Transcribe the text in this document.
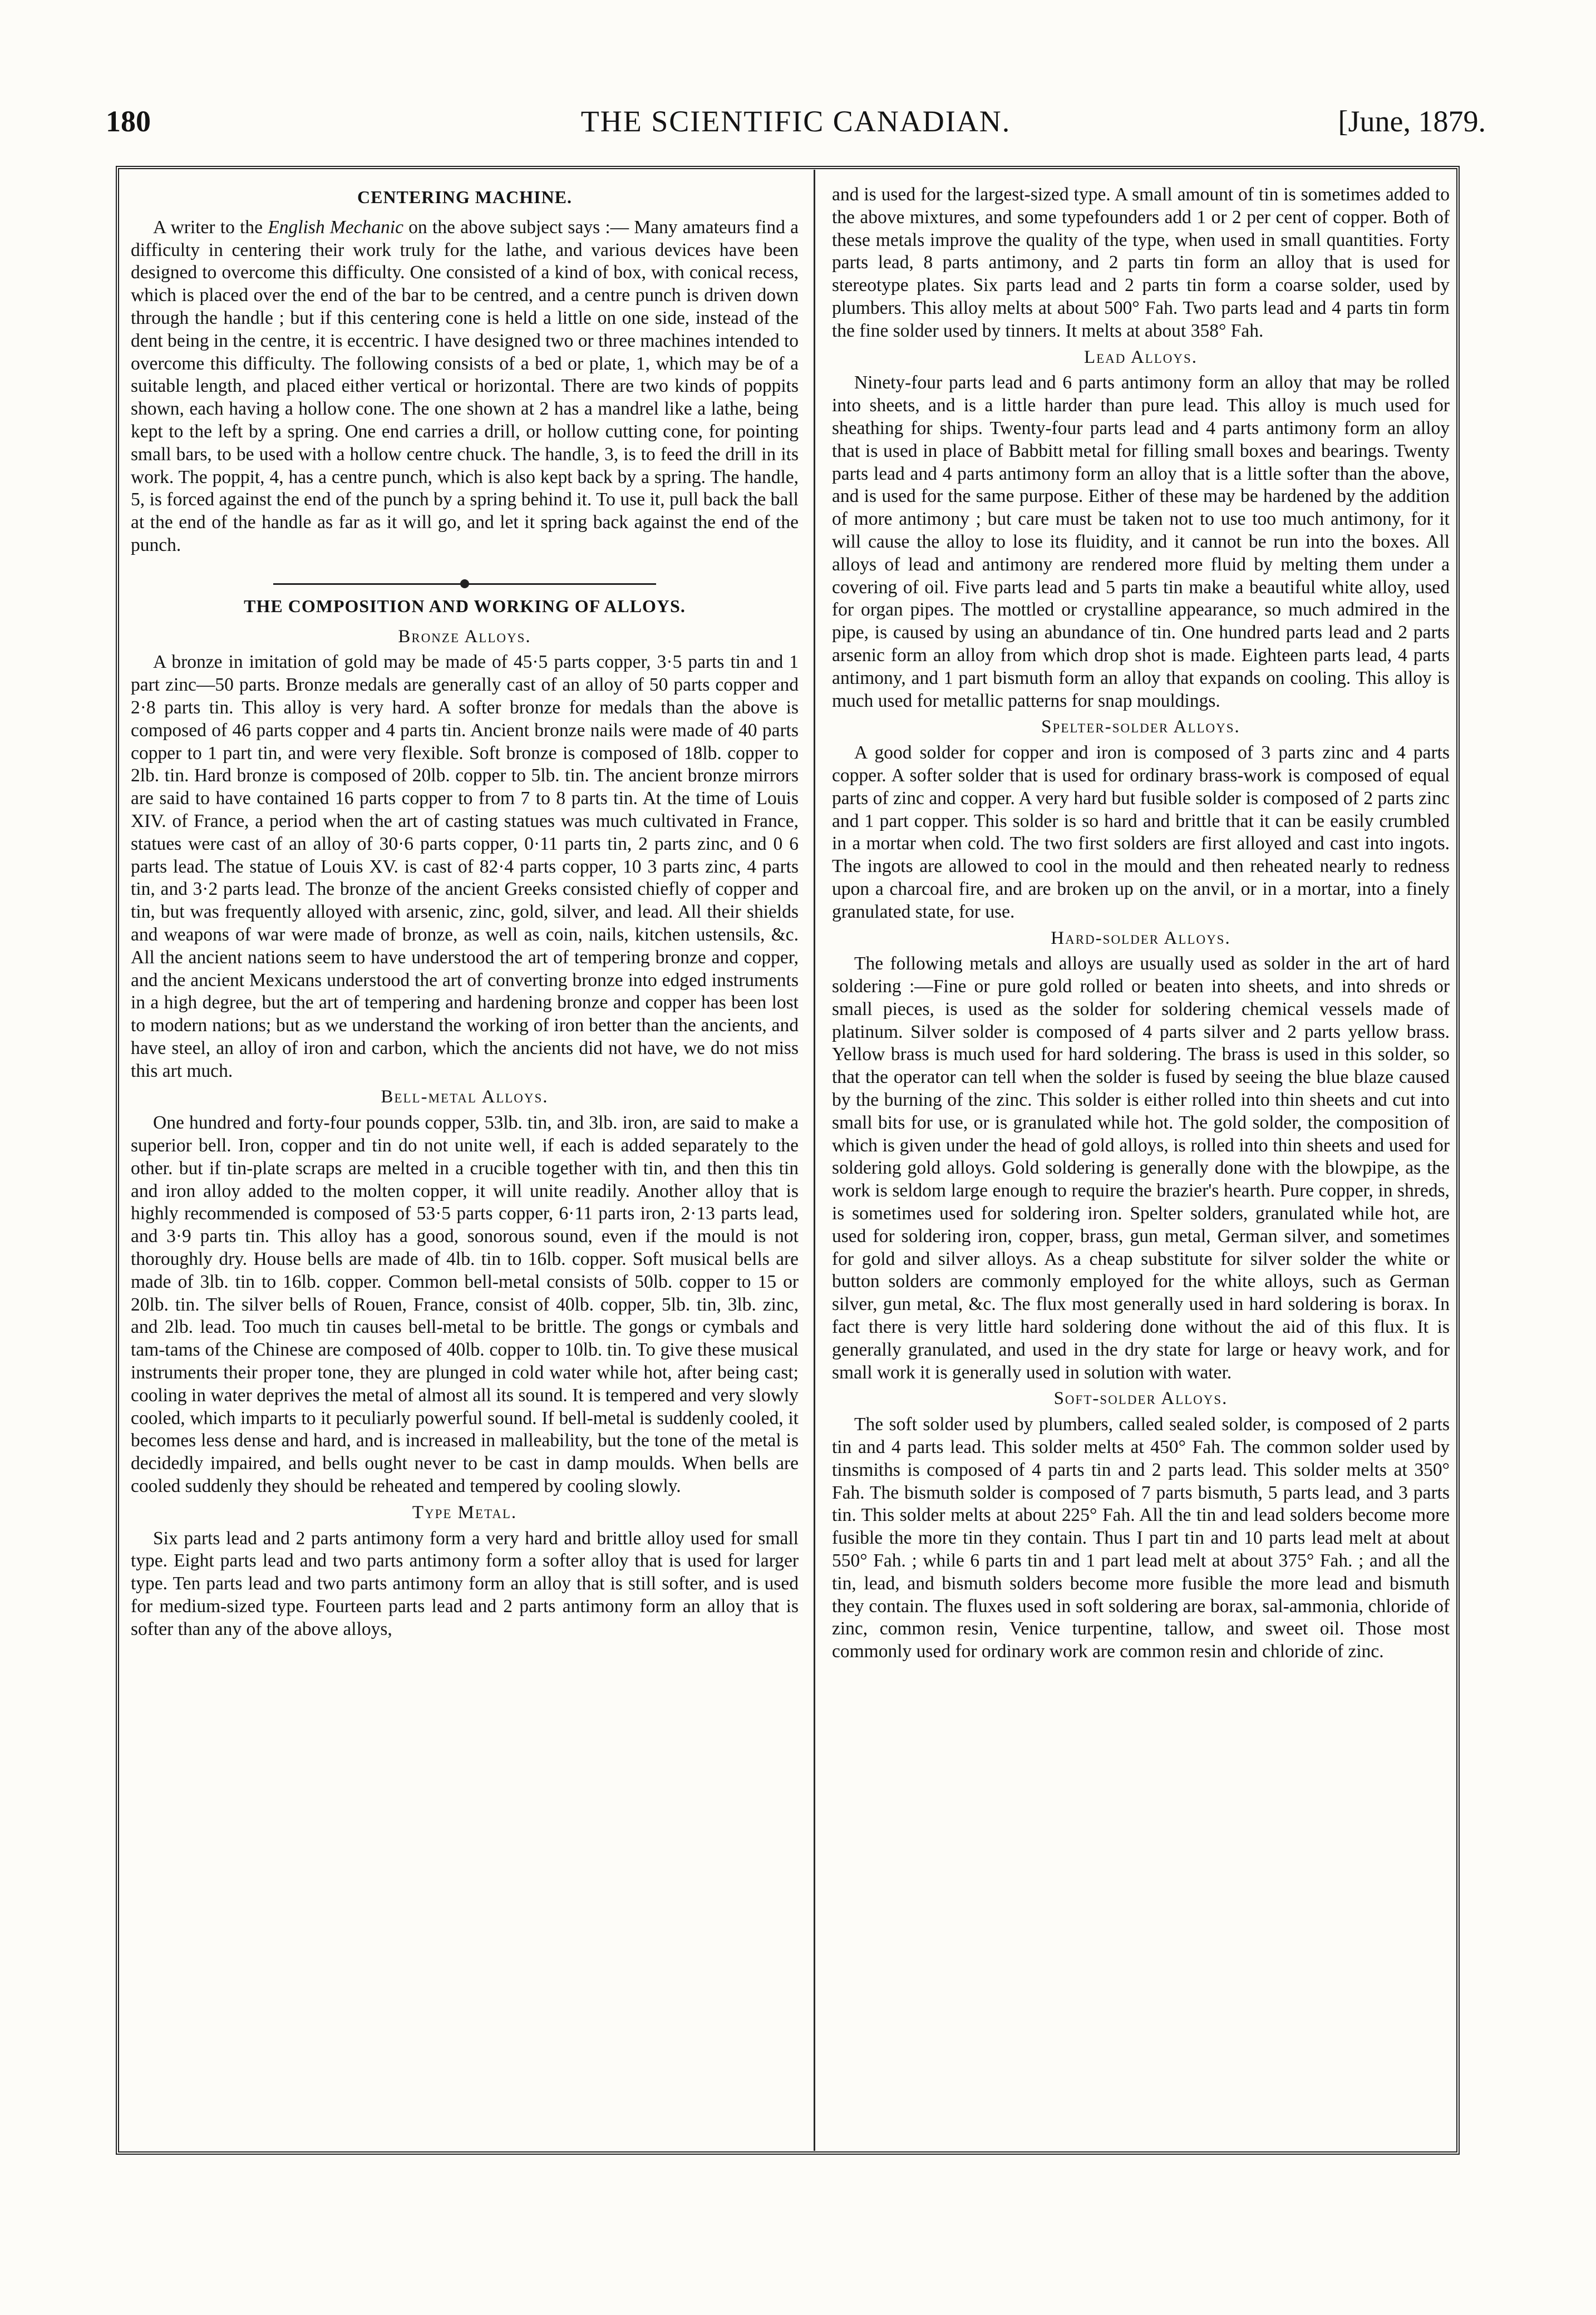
180	THE SCIENTIFIC CANADIAN.	[June, 1879.
CENTERING MACHINE.

A writer to the English Mechanic on the above subject says :— Many amateurs find a difficulty in centering their work truly for the lathe, and various devices have been designed to overcome this difficulty. One consisted of a kind of box, with conical recess, which is placed over the end of the bar to be centred, and a centre punch is driven down through the handle ; but if this centering cone is held a little on one side, instead of the dent being in the centre, it is eccentric. I have designed two or three machines intended to overcome this difficulty. The following consists of a bed or plate, 1, which may be of a suitable length, and placed either vertical or horizontal. There are two kinds of poppits shown, each having a hollow cone. The one shown at 2 has a mandrel like a lathe, being kept to the left by a spring. One end carries a drill, or hollow cutting cone, for pointing small bars, to be used with a hollow centre chuck. The handle, 3, is to feed the drill in its work. The poppit, 4, has a centre punch, which is also kept back by a spring. The handle, 5, is forced against the end of the punch by a spring behind it. To use it, pull back the ball at the end of the handle as far as it will go, and let it spring back against the end of the punch.

THE COMPOSITION AND WORKING OF ALLOYS.
Bronze Alloys.

A bronze in imitation of gold may be made of 45·5 parts copper, 3·5 parts tin and 1 part zinc—50 parts. Bronze medals are generally cast of an alloy of 50 parts copper and 2·8 parts tin. This alloy is very hard. A softer bronze for medals than the above is composed of 46 parts copper and 4 parts tin. Ancient bronze nails were made of 40 parts copper to 1 part tin, and were very flexible. Soft bronze is composed of 18lb. copper to 2lb. tin. Hard bronze is composed of 20lb. copper to 5lb. tin. The ancient bronze mirrors are said to have contained 16 parts copper to from 7 to 8 parts tin. At the time of Louis XIV. of France, a period when the art of casting statues was much cultivated in France, statues were cast of an alloy of 30·6 parts copper, 0·11 parts tin, 2 parts zinc, and 0 6 parts lead. The statue of Louis XV. is cast of 82·4 parts copper, 10 3 parts zinc, 4 parts tin, and 3·2 parts lead. The bronze of the ancient Greeks consisted chiefly of copper and tin, but was frequently alloyed with arsenic, zinc, gold, silver, and lead. All their shields and weapons of war were made of bronze, as well as coin, nails, kitchen ustensils, &c. All the ancient nations seem to have understood the art of tempering bronze and copper, and the ancient Mexicans understood the art of converting bronze into edged instruments in a high degree, but the art of tempering and hardening bronze and copper has been lost to modern nations; but as we understand the working of iron better than the ancients, and have steel, an alloy of iron and carbon, which the ancients did not have, we do not miss this art much.

Bell-metal Alloys.

One hundred and forty-four pounds copper, 53lb. tin, and 3lb. iron, are said to make a superior bell. Iron, copper and tin do not unite well, if each is added separately to the other. but if tin-plate scraps are melted in a crucible together with tin, and then this tin and iron alloy added to the molten copper, it will unite readily. Another alloy that is highly recommended is composed of 53·5 parts copper, 6·11 parts iron, 2·13 parts lead, and 3·9 parts tin. This alloy has a good, sonorous sound, even if the mould is not thoroughly dry. House bells are made of 4lb. tin to 16lb. copper. Soft musical bells are made of 3lb. tin to 16lb. copper. Common bell-metal consists of 50lb. copper to 15 or 20lb. tin. The silver bells of Rouen, France, consist of 40lb. copper, 5lb. tin, 3lb. zinc, and 2lb. lead. Too much tin causes bell-metal to be brittle. The gongs or cymbals and tam-tams of the Chinese are composed of 40lb. copper to 10lb. tin. To give these musical instruments their proper tone, they are plunged in cold water while hot, after being cast; cooling in water deprives the metal of almost all its sound. It is tempered and very slowly cooled, which imparts to it peculiarly powerful sound. If bell-metal is suddenly cooled, it becomes less dense and hard, and is increased in malleability, but the tone of the metal is decidedly impaired, and bells ought never to be cast in damp moulds. When bells are cooled suddenly they should be reheated and tempered by cooling slowly.

Type Metal.

Six parts lead and 2 parts antimony form a very hard and brittle alloy used for small type. Eight parts lead and two parts antimony form a softer alloy that is used for larger type. Ten parts lead and two parts antimony form an alloy that is still softer, and is used for medium-sized type. Fourteen parts lead and 2 parts antimony form an alloy that is softer than any of the above alloys,

and is used for the largest-sized type. A small amount of tin is sometimes added to the above mixtures, and some typefounders add 1 or 2 per cent of copper. Both of these metals improve the quality of the type, when used in small quantities. Forty parts lead, 8 parts antimony, and 2 parts tin form an alloy that is used for stereotype plates. Six parts lead and 2 parts tin form a coarse solder, used by plumbers. This alloy melts at about 500° Fah. Two parts lead and 4 parts tin form the fine solder used by tinners. It melts at about 358° Fah.

Lead Alloys.

Ninety-four parts lead and 6 parts antimony form an alloy that may be rolled into sheets, and is a little harder than pure lead. This alloy is much used for sheathing for ships. Twenty-four parts lead and 4 parts antimony form an alloy that is used in place of Babbitt metal for filling small boxes and bearings. Twenty parts lead and 4 parts antimony form an alloy that is a little softer than the above, and is used for the same purpose. Either of these may be hardened by the addition of more antimony ; but care must be taken not to use too much antimony, for it will cause the alloy to lose its fluidity, and it cannot be run into the boxes. All alloys of lead and antimony are rendered more fluid by melting them under a covering of oil. Five parts lead and 5 parts tin make a beautiful white alloy, used for organ pipes. The mottled or crystalline appearance, so much admired in the pipe, is caused by using an abundance of tin. One hundred parts lead and 2 parts arsenic form an alloy from which drop shot is made. Eighteen parts lead, 4 parts antimony, and 1 part bismuth form an alloy that expands on cooling. This alloy is much used for metallic patterns for snap mouldings.

Spelter-solder Alloys.

A good solder for copper and iron is composed of 3 parts zinc and 4 parts copper. A softer solder that is used for ordinary brass-work is composed of equal parts of zinc and copper. A very hard but fusible solder is composed of 2 parts zinc and 1 part copper. This solder is so hard and brittle that it can be easily crumbled in a mortar when cold. The two first solders are first alloyed and cast into ingots. The ingots are allowed to cool in the mould and then reheated nearly to redness upon a charcoal fire, and are broken up on the anvil, or in a mortar, into a finely granulated state, for use.

Hard-solder Alloys.

The following metals and alloys are usually used as solder in the art of hard soldering :—Fine or pure gold rolled or beaten into sheets, and into shreds or small pieces, is used as the solder for soldering chemical vessels made of platinum. Silver solder is composed of 4 parts silver and 2 parts yellow brass. Yellow brass is much used for hard soldering. The brass is used in this solder, so that the operator can tell when the solder is fused by seeing the blue blaze caused by the burning of the zinc. This solder is either rolled into thin sheets and cut into small bits for use, or is granulated while hot. The gold solder, the composition of which is given under the head of gold alloys, is rolled into thin sheets and used for soldering gold alloys. Gold soldering is generally done with the blowpipe, as the work is seldom large enough to require the brazier's hearth. Pure copper, in shreds, is sometimes used for soldering iron. Spelter solders, granulated while hot, are used for soldering iron, copper, brass, gun metal, German silver, and sometimes for gold and silver alloys. As a cheap substitute for silver solder the white or button solders are commonly employed for the white alloys, such as German silver, gun metal, &c. The flux most generally used in hard soldering is borax. In fact there is very little hard soldering done without the aid of this flux. It is generally granulated, and used in the dry state for large or heavy work, and for small work it is generally used in solution with water.

Soft-solder Alloys.

The soft solder used by plumbers, called sealed solder, is composed of 2 parts tin and 4 parts lead. This solder melts at 450° Fah. The common solder used by tinsmiths is composed of 4 parts tin and 2 parts lead. This solder melts at 350° Fah. The bismuth solder is composed of 7 parts bismuth, 5 parts lead, and 3 parts tin. This solder melts at about 225° Fah. All the tin and lead solders become more fusible the more tin they contain. Thus I part tin and 10 parts lead melt at about 550° Fah. ; while 6 parts tin and 1 part lead melt at about 375° Fah. ; and all the tin, lead, and bismuth solders become more fusible the more lead and bismuth they contain. The fluxes used in soft soldering are borax, sal-ammonia, chloride of zinc, common resin, Venice turpentine, tallow, and sweet oil. Those most commonly used for ordinary work are common resin and chloride of zinc.
